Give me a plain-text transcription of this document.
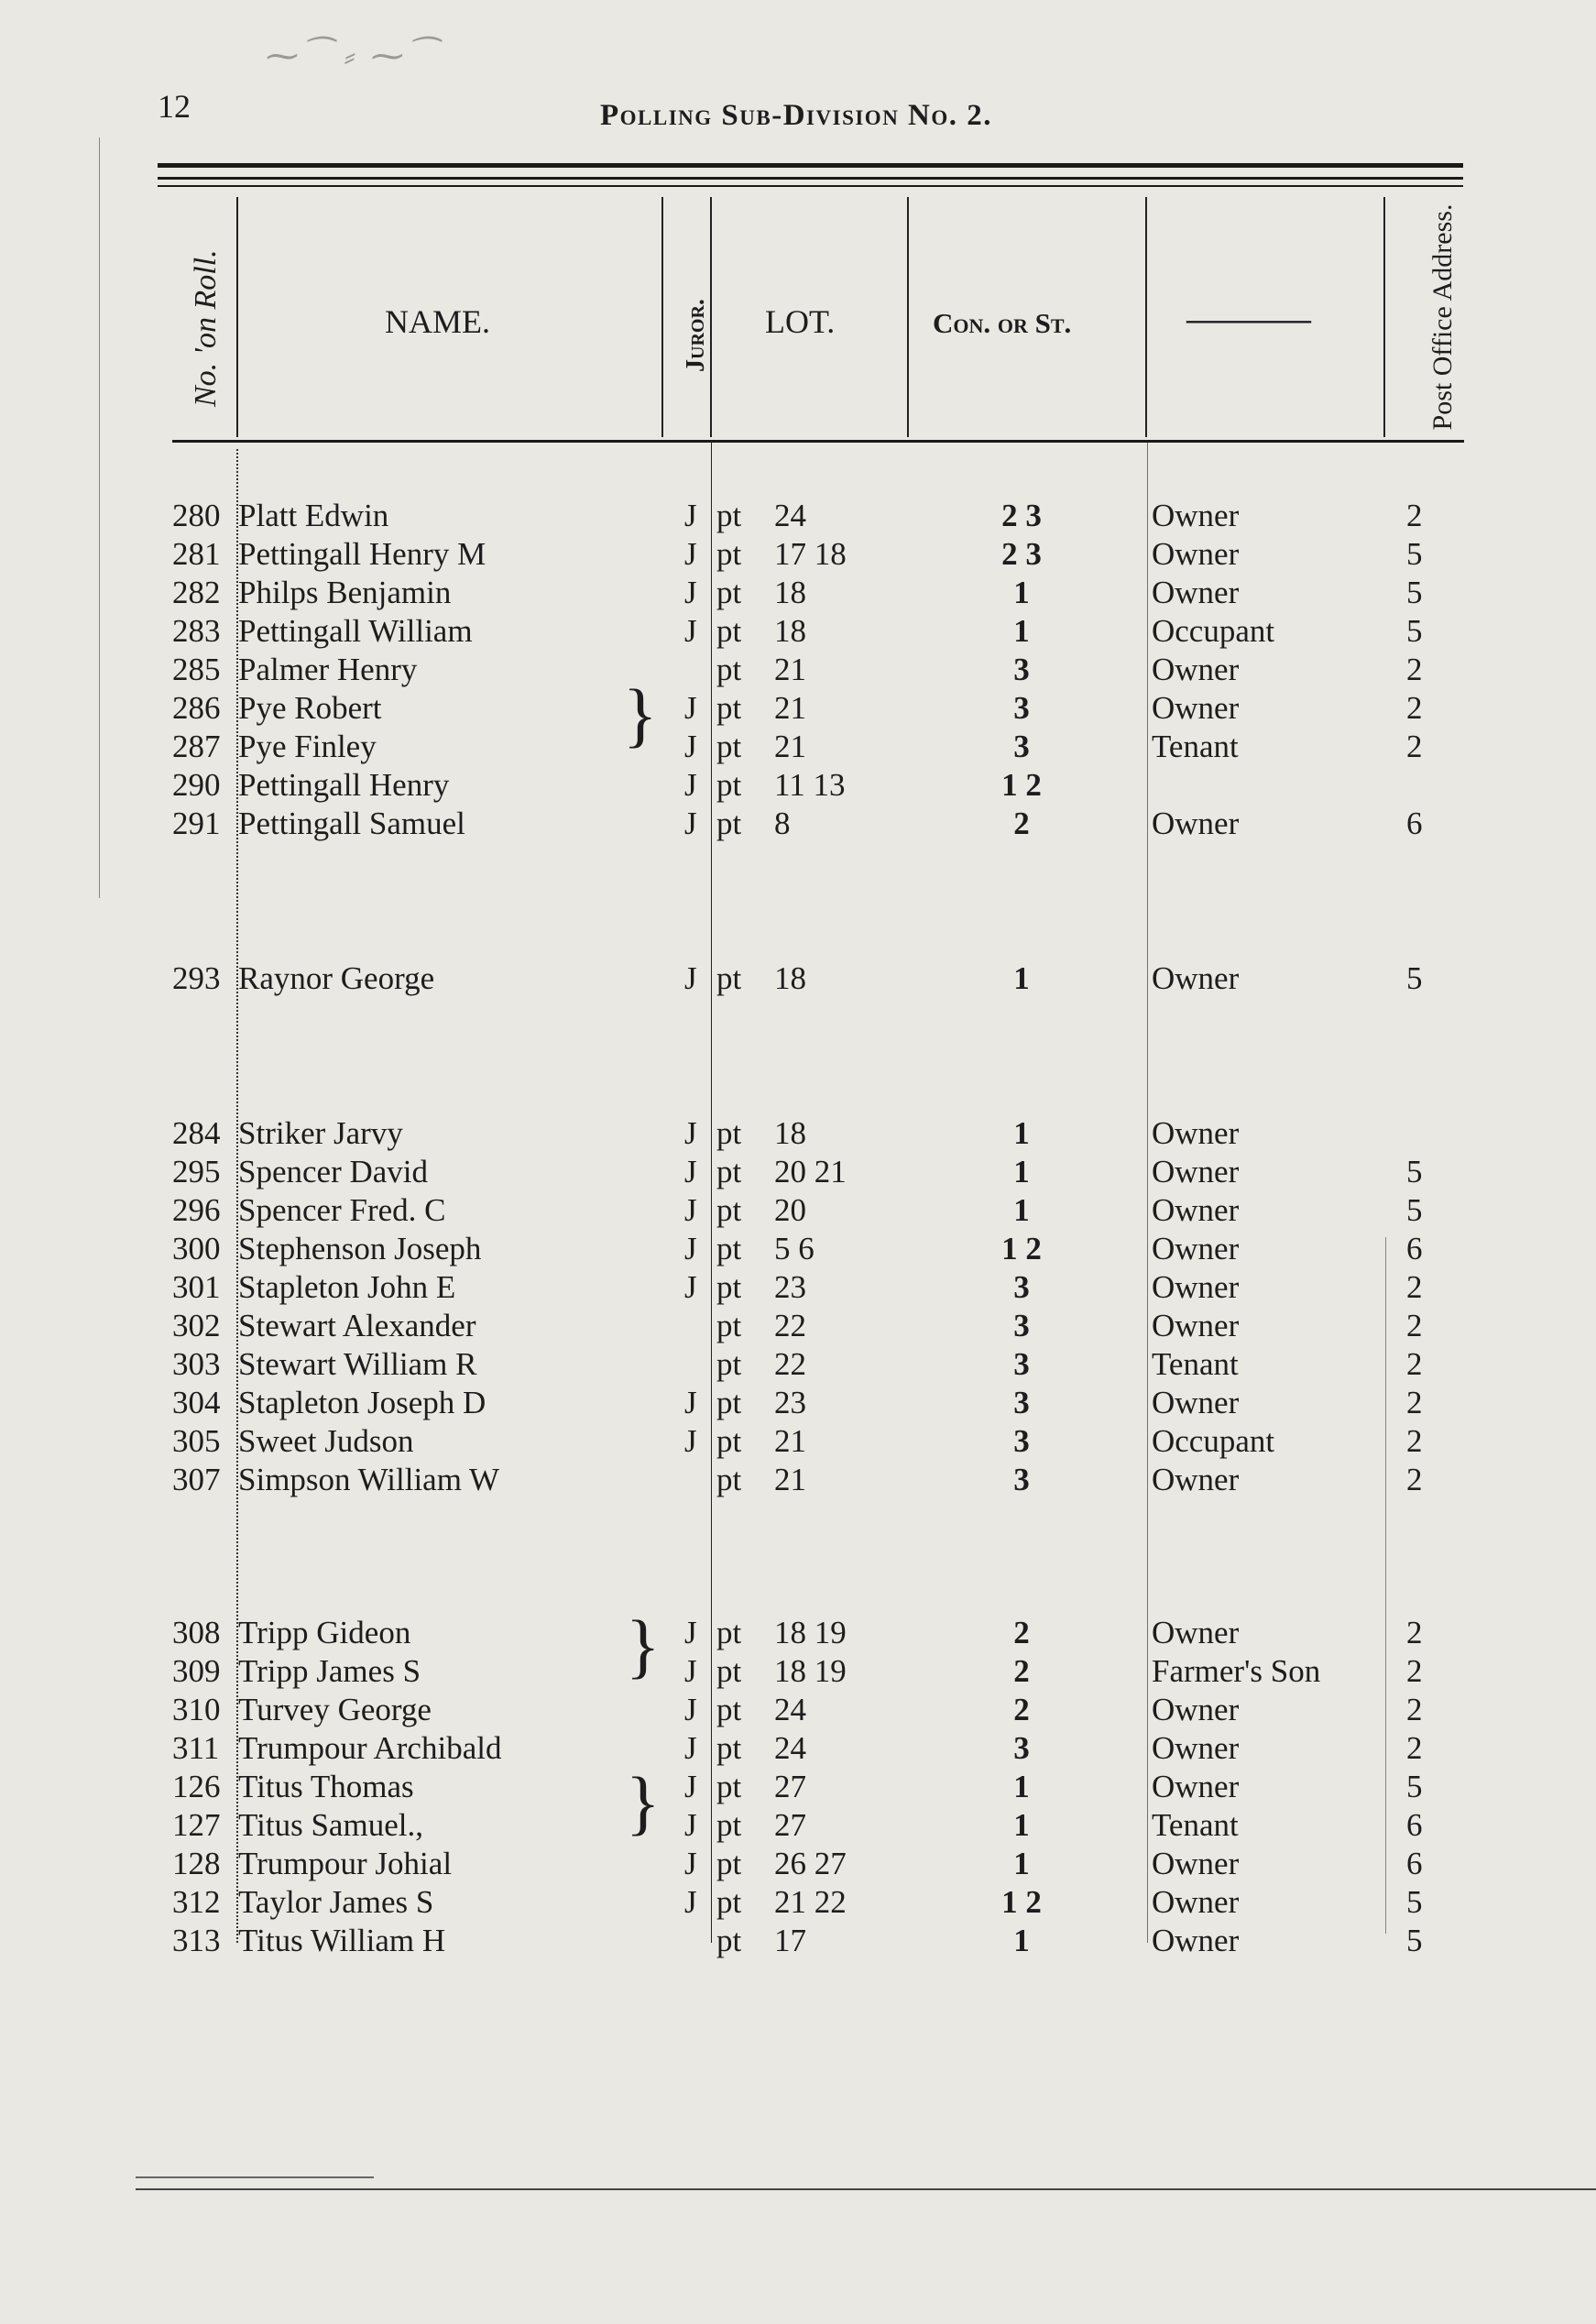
⁓⁀ ⸗ ⁓⁀
12	Polling Sub-Division No. 2.
No. 'on Roll.	NAME.	Juror. LOT.	Con. or St.	————	Post Office Address.
280 Platt Edwin	J pt 24	2 3	Owner	2
281 Pettingall Henry M	J pt 17 18	2 3	Owner	5
282 Philps Benjamin	J pt 18	1	Owner	5
283 Pettingall William	J pt 18	1	Occupant	5
285 Palmer Henry	pt 21	3	Owner	2
286 Pye Robert	J pt 21	3	Owner	2
287 Pye Finley	J pt 21	3	Tenant	2
290 Pettingall Henry	J pt 11 13	1 2
291 Pettingall Samuel	J pt 8	2	Owner	6
293 Raynor George	J pt 18	1	Owner	5
284 Striker Jarvy	J pt 18	1	Owner
295 Spencer David	J pt 20 21	1	Owner	5
296 Spencer Fred. C	J pt 20	1	Owner	5
300 Stephenson Joseph	J pt 5 6	1 2	Owner	6
301 Stapleton John E	J pt 23	3	Owner	2
302 Stewart Alexander	pt 22	3	Owner	2
303 Stewart William R	pt 22	3	Tenant	2
304 Stapleton Joseph D	J pt 23	3	Owner	2
305 Sweet Judson	J pt 21	3	Occupant	2
307 Simpson William W	pt 21	3	Owner	2
308 Tripp Gideon	J pt 18 19	2	Owner	2
309 Tripp James S	J pt 18 19	2	Farmer's Son	2
310 Turvey George	J pt 24	2	Owner	2
311 Trumpour Archibald	J pt 24	3	Owner	2
126 Titus Thomas	J pt 27	1	Owner	5
127 Titus Samuel.,	J pt 27	1	Tenant	6
128 Trumpour Johial	J pt 26 27	1	Owner	6
312 Taylor James S	J pt 21 22	1 2	Owner	5
313 Titus William H	pt 17	1	Owner	5
}
}
}
